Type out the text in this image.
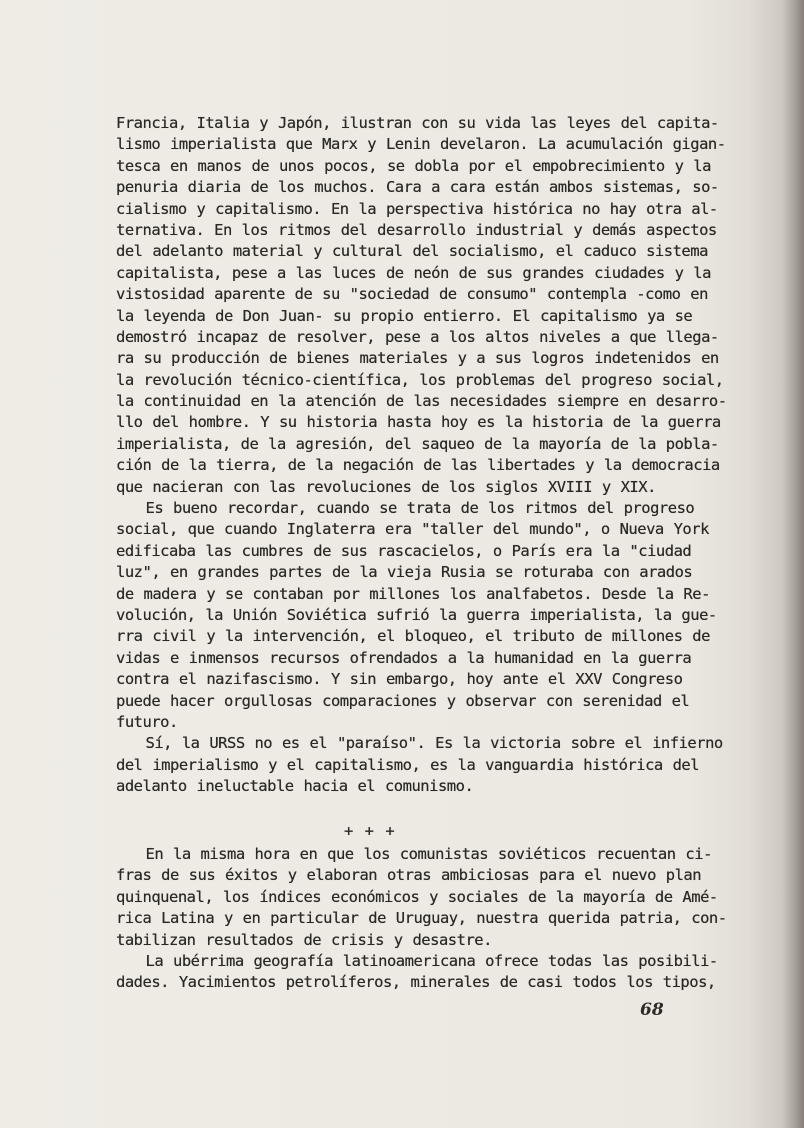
Francia, Italia y Japón, ilustran con su vida las leyes del capita-
lismo imperialista que Marx y Lenin develaron. La acumulación gigan-
tesca en manos de unos pocos, se dobla por el empobrecimiento y la
penuria diaria de los muchos. Cara a cara están ambos sistemas, so-
cialismo y capitalismo. En la perspectiva histórica no hay otra al-
ternativa. En los ritmos del desarrollo industrial y demás aspectos
del adelanto material y cultural del socialismo, el caduco sistema
capitalista, pese a las luces de neón de sus grandes ciudades y la
vistosidad aparente de su "sociedad de consumo" contempla -como en
la leyenda de Don Juan- su propio entierro. El capitalismo ya se
demostró incapaz de resolver, pese a los altos niveles a que llega-
ra su producción de bienes materiales y a sus logros indetenidos en
la revolución técnico-científica, los problemas del progreso social,
la continuidad en la atención de las necesidades siempre en desarro-
llo del hombre. Y su historia hasta hoy es la historia de la guerra
imperialista, de la agresión, del saqueo de la mayoría de la pobla-
ción de la tierra, de la negación de las libertades y la democracia
que nacieran con las revoluciones de los siglos XVIII y XIX.
Es bueno recordar, cuando se trata de los ritmos del progreso
social, que cuando Inglaterra era "taller del mundo", o Nueva York
edificaba las cumbres de sus rascacielos, o París era la "ciudad
luz", en grandes partes de la vieja Rusia se roturaba con arados
de madera y se contaban por millones los analfabetos. Desde la Re-
volución, la Unión Soviética sufrió la guerra imperialista, la gue-
rra civil y la intervención, el bloqueo, el tributo de millones de
vidas e inmensos recursos ofrendados a la humanidad en la guerra
contra el nazifascismo. Y sin embargo, hoy ante el XXV Congreso
puede hacer orgullosas comparaciones y observar con serenidad el
futuro.
Sí, la URSS no es el "paraíso". Es la victoria sobre el infierno
del imperialismo y el capitalismo, es la vanguardia histórica del
adelanto ineluctable hacia el comunismo.
+ + +
En la misma hora en que los comunistas soviéticos recuentan ci-
fras de sus éxitos y elaboran otras ambiciosas para el nuevo plan
quinquenal, los índices económicos y sociales de la mayoría de Amé-
rica Latina y en particular de Uruguay, nuestra querida patria, con-
tabilizan resultados de crisis y desastre.
La ubérrima geografía latinoamericana ofrece todas las posibili-
dades. Yacimientos petrolíferos, minerales de casi todos los tipos,
68
